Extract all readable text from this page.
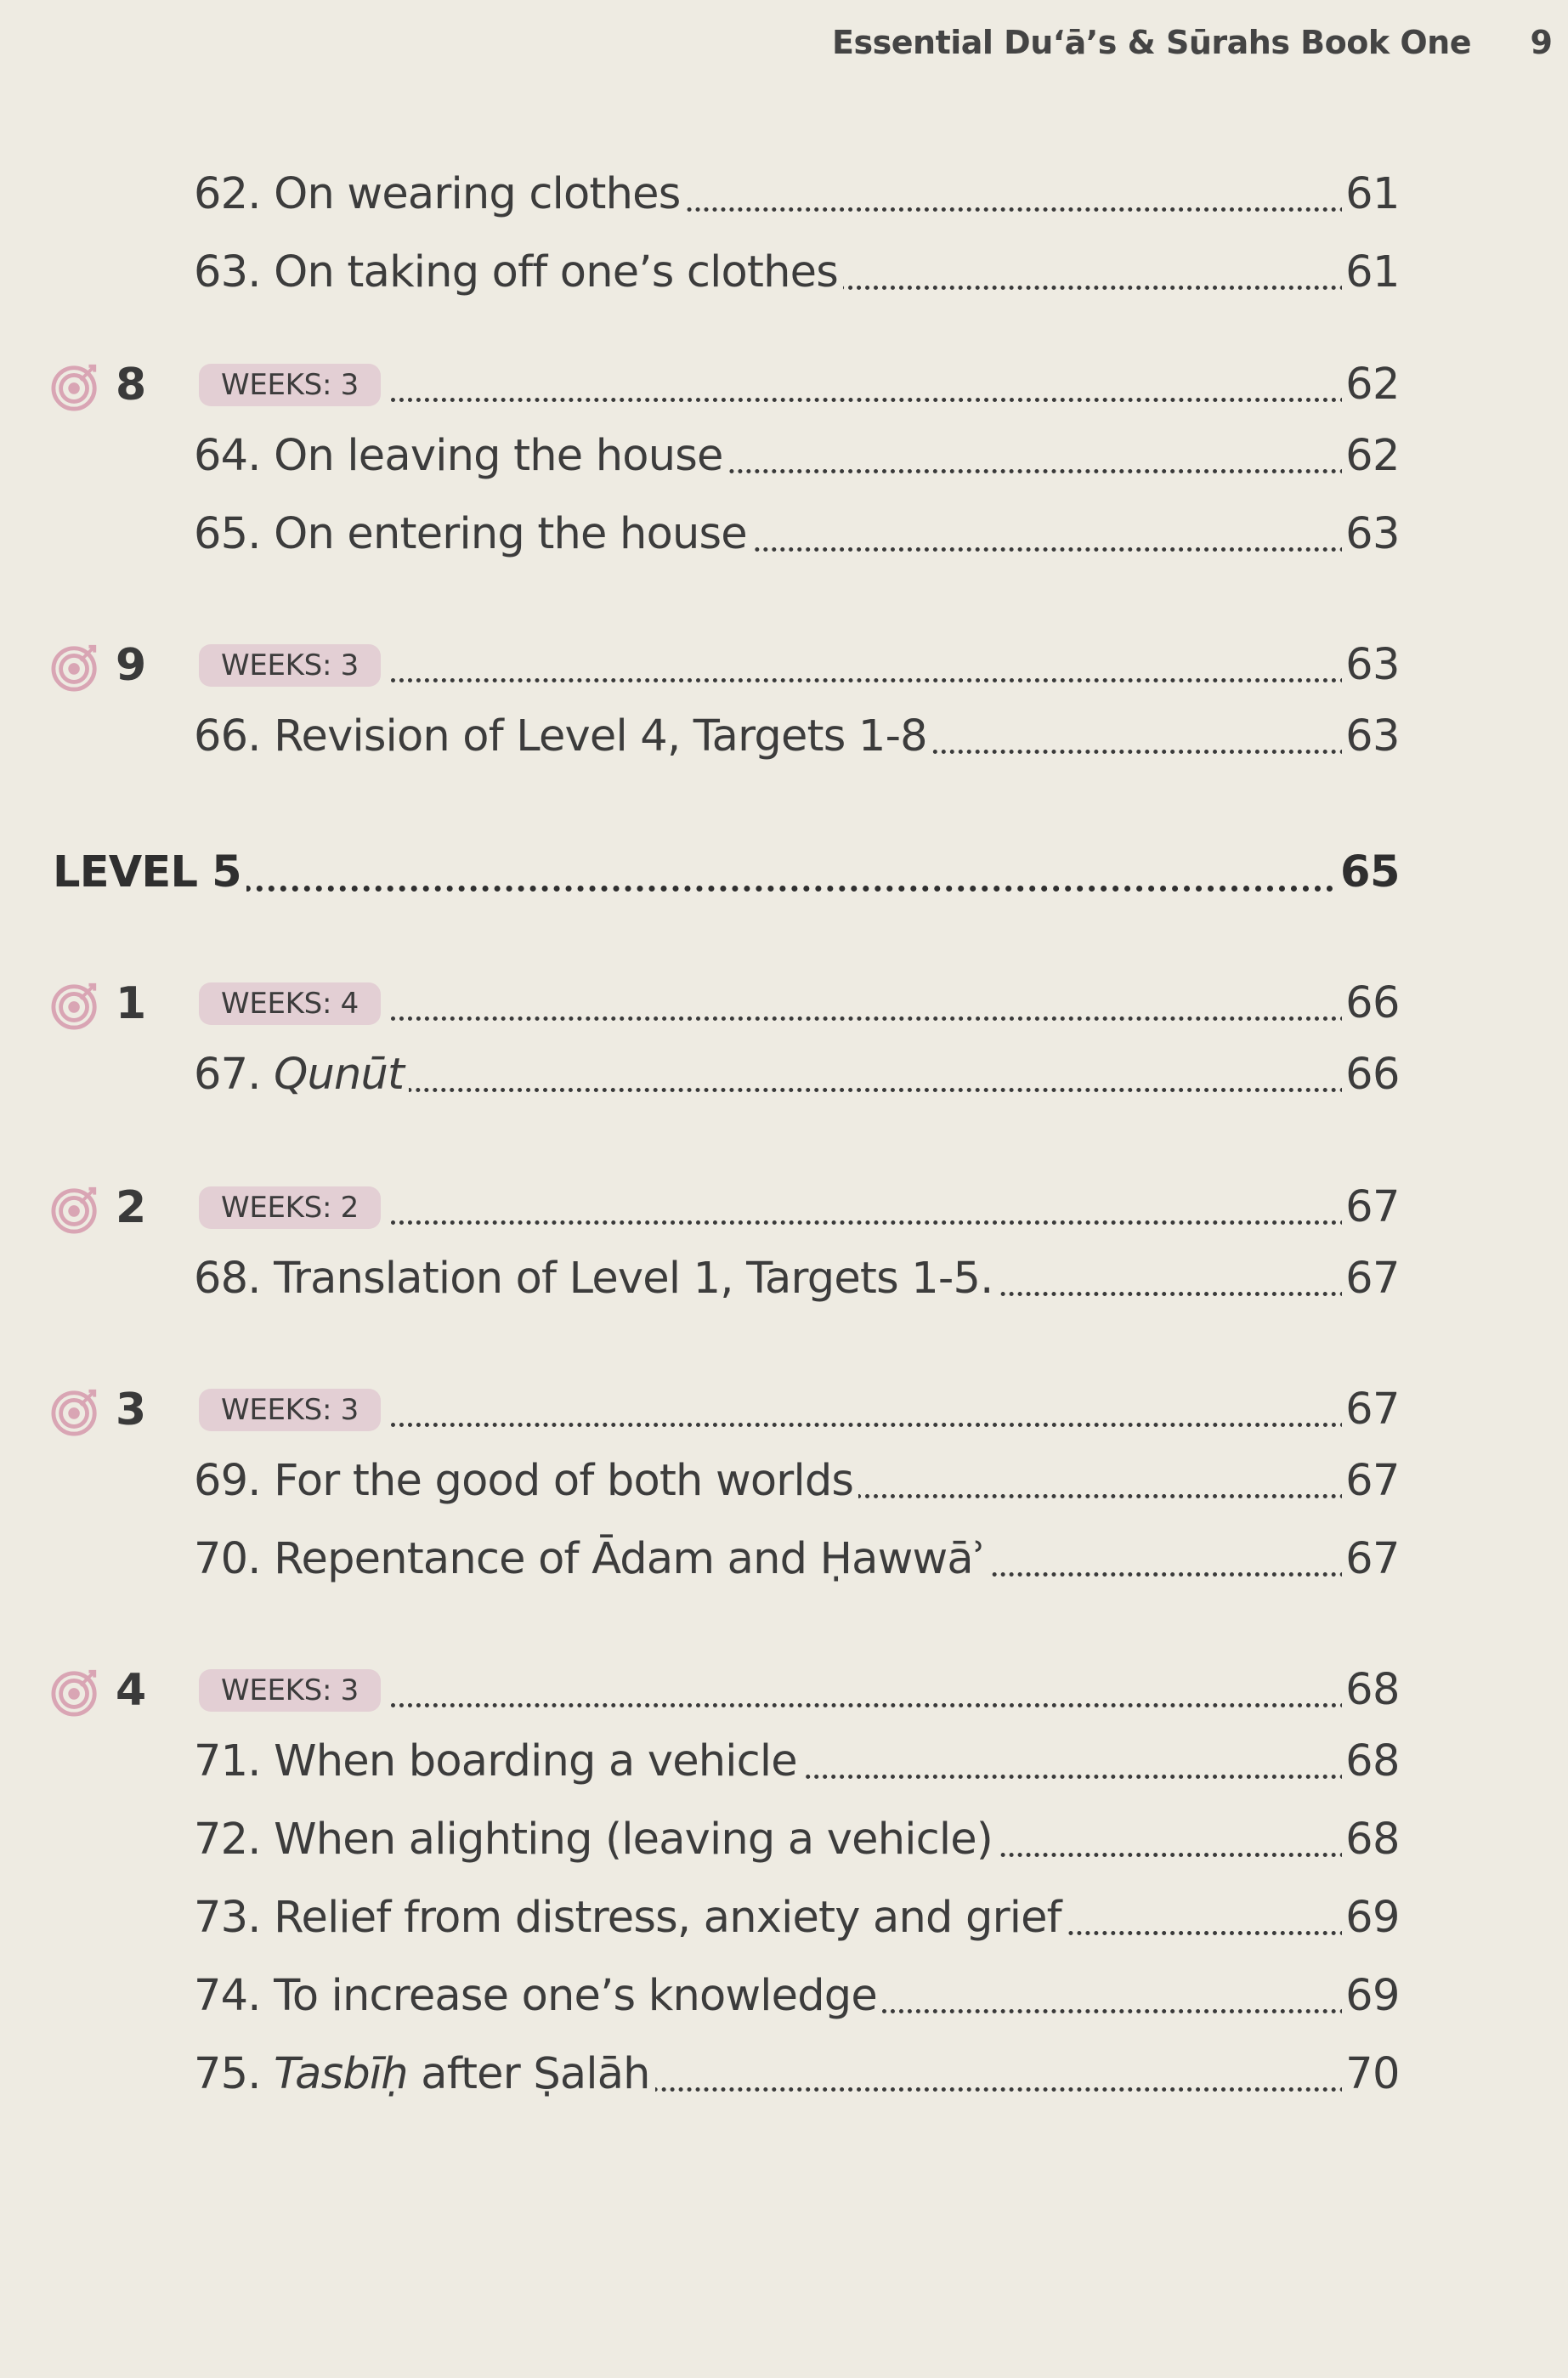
Essential Du‘ā’s & Sūrahs Book One 9
62. On wearing clothes	61
63. On taking off one’s clothes	61
8	WEEKS: 3	62
64. On leaving the house	62
65. On entering the house	63
9	WEEKS: 3	63
66. Revision of Level 4, Targets 1-8	63
LEVEL 5	65
1	WEEKS: 4	66
67. Qunūt	66
2	WEEKS: 2	67
68. Translation of Level 1, Targets 1-5.	67
3	WEEKS: 3	67
69. For the good of both worlds	67
70. Repentance of Ādam and Ḥawwāʾ	67
4	WEEKS: 3	68
71. When boarding a vehicle	68
72. When alighting (leaving a vehicle)	68
73. Relief from distress, anxiety and grief	69
74. To increase one’s knowledge	69
75. Tasbīḥ after Ṣalāh	70
